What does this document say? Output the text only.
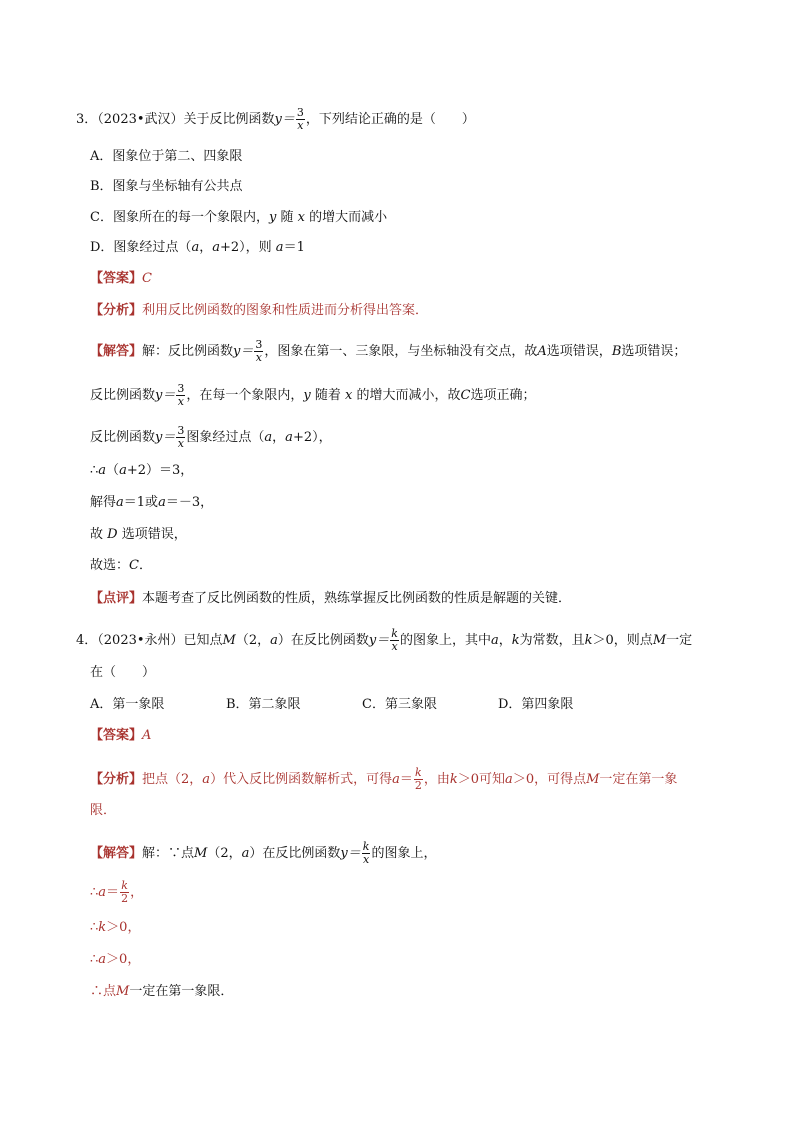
3．（2023•武汉）关于反比例函数$y= \frac{3}{x}$ ，下列结论正确的是（　　）
A．图象位于第二、四象限
B．图象与坐标轴有公共点
C．图象所在的每一个象限内，y 随 x 的增大而减小
D．图象经过点（a，a+2），则 a＝1
【答案】C
【分析】利用反比例函数的图象和性质进而分析得出答案．
【解答】解：反比例函数$y= \frac{3}{x}$ ，图象在第一、三象限，与坐标轴没有交点，故A选项错误，B选项错误；
反比例函数$y= \frac{3}{x}$ ，在每一个象限内，y 随着 x 的增大而减小，故C选项正确；
反比例函数$y= \frac{3}{x}$ 图象经过点（a，a+2），
∴a（a+2）＝3，
解得a＝1或a＝－3，
故 D 选项错误，
故选：C．
【点评】本题考查了反比例函数的性质，熟练掌握反比例函数的性质是解题的关键．
4．（2023•永州）已知点M（2，a）在反比例函数$y= \frac{k}{x}$ 的图象上，其中a，k为常数，且k＞0，则点M一定
在（　　）
A．第一象限	B．第二象限	C．第三象限	D．第四象限
【答案】A
【分析】把点（2，a）代入反比例函数解析式，可得$a= \frac{k}{2}$ ，由k＞0可知a＞0，可得点M一定在第一象
限．
【解答】解：∵点M（2，a）在反比例函数$y= \frac{k}{x}$ 的图象上，
∴a＝ $\frac{k}{2}$ ，
∴k＞0，
∴a＞0，
∴点M一定在第一象限．
